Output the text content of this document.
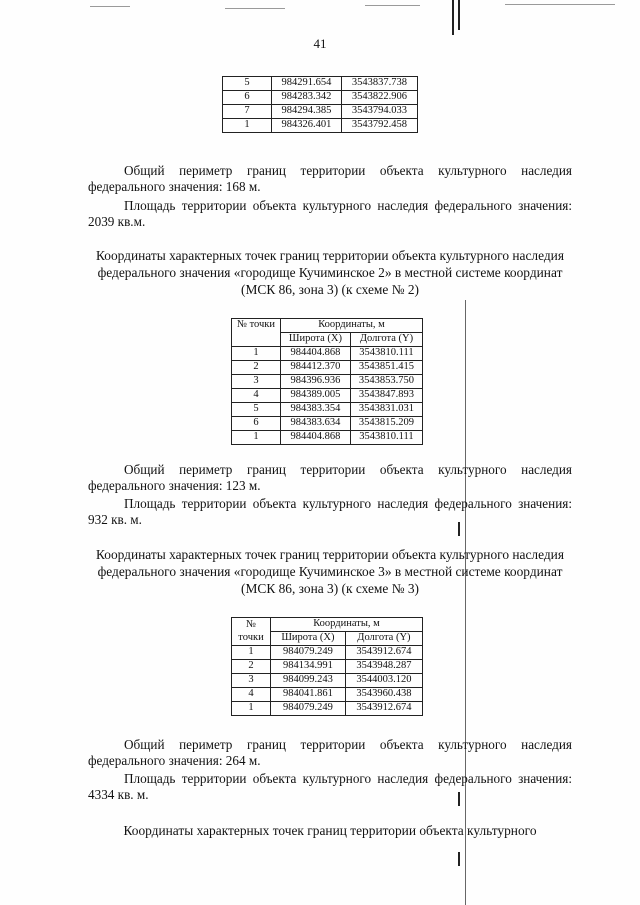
41
5	984291.654	3543837.738
6	984283.342	3543822.906
7	984294.385	3543794.033
1	984326.401	3543792.458

Общий периметр границ территории объекта культурного наследия федерального значения: 168 м.

Площадь территории объекта культурного наследия федерального значения: 2039 кв.м.

Координаты характерных точек границ территории объекта культурного наследия федерального значения «городище Кучиминское 2» в местной системе координат (МСК 86, зона 3) (к схеме № 2)

№ точки	Координаты, м	
	Широта (X)	Долгота (Y)
1	984404.868	3543810.111
2	984412.370	3543851.415
3	984396.936	3543853.750
4	984389.005	3543847.893
5	984383.354	3543831.031
6	984383.634	3543815.209
1	984404.868	3543810.111

Общий периметр границ территории объекта культурного наследия федерального значения: 123 м.

Площадь территории объекта культурного наследия федерального значения: 932 кв. м.

Координаты характерных точек границ территории объекта культурного наследия федерального значения «городище Кучиминское 3» в местной системе координат (МСК 86, зона 3) (к схеме № 3)

№	Координаты, м	
точки	Широта (X)	Долгота (Y)
1	984079.249	3543912.674
2	984134.991	3543948.287
3	984099.243	3544003.120
4	984041.861	3543960.438
1	984079.249	3543912.674

Общий периметр границ территории объекта культурного наследия федерального значения: 264 м.

Площадь территории объекта культурного наследия федерального значения: 4334 кв. м.

Координаты характерных точек границ территории объекта культурного
